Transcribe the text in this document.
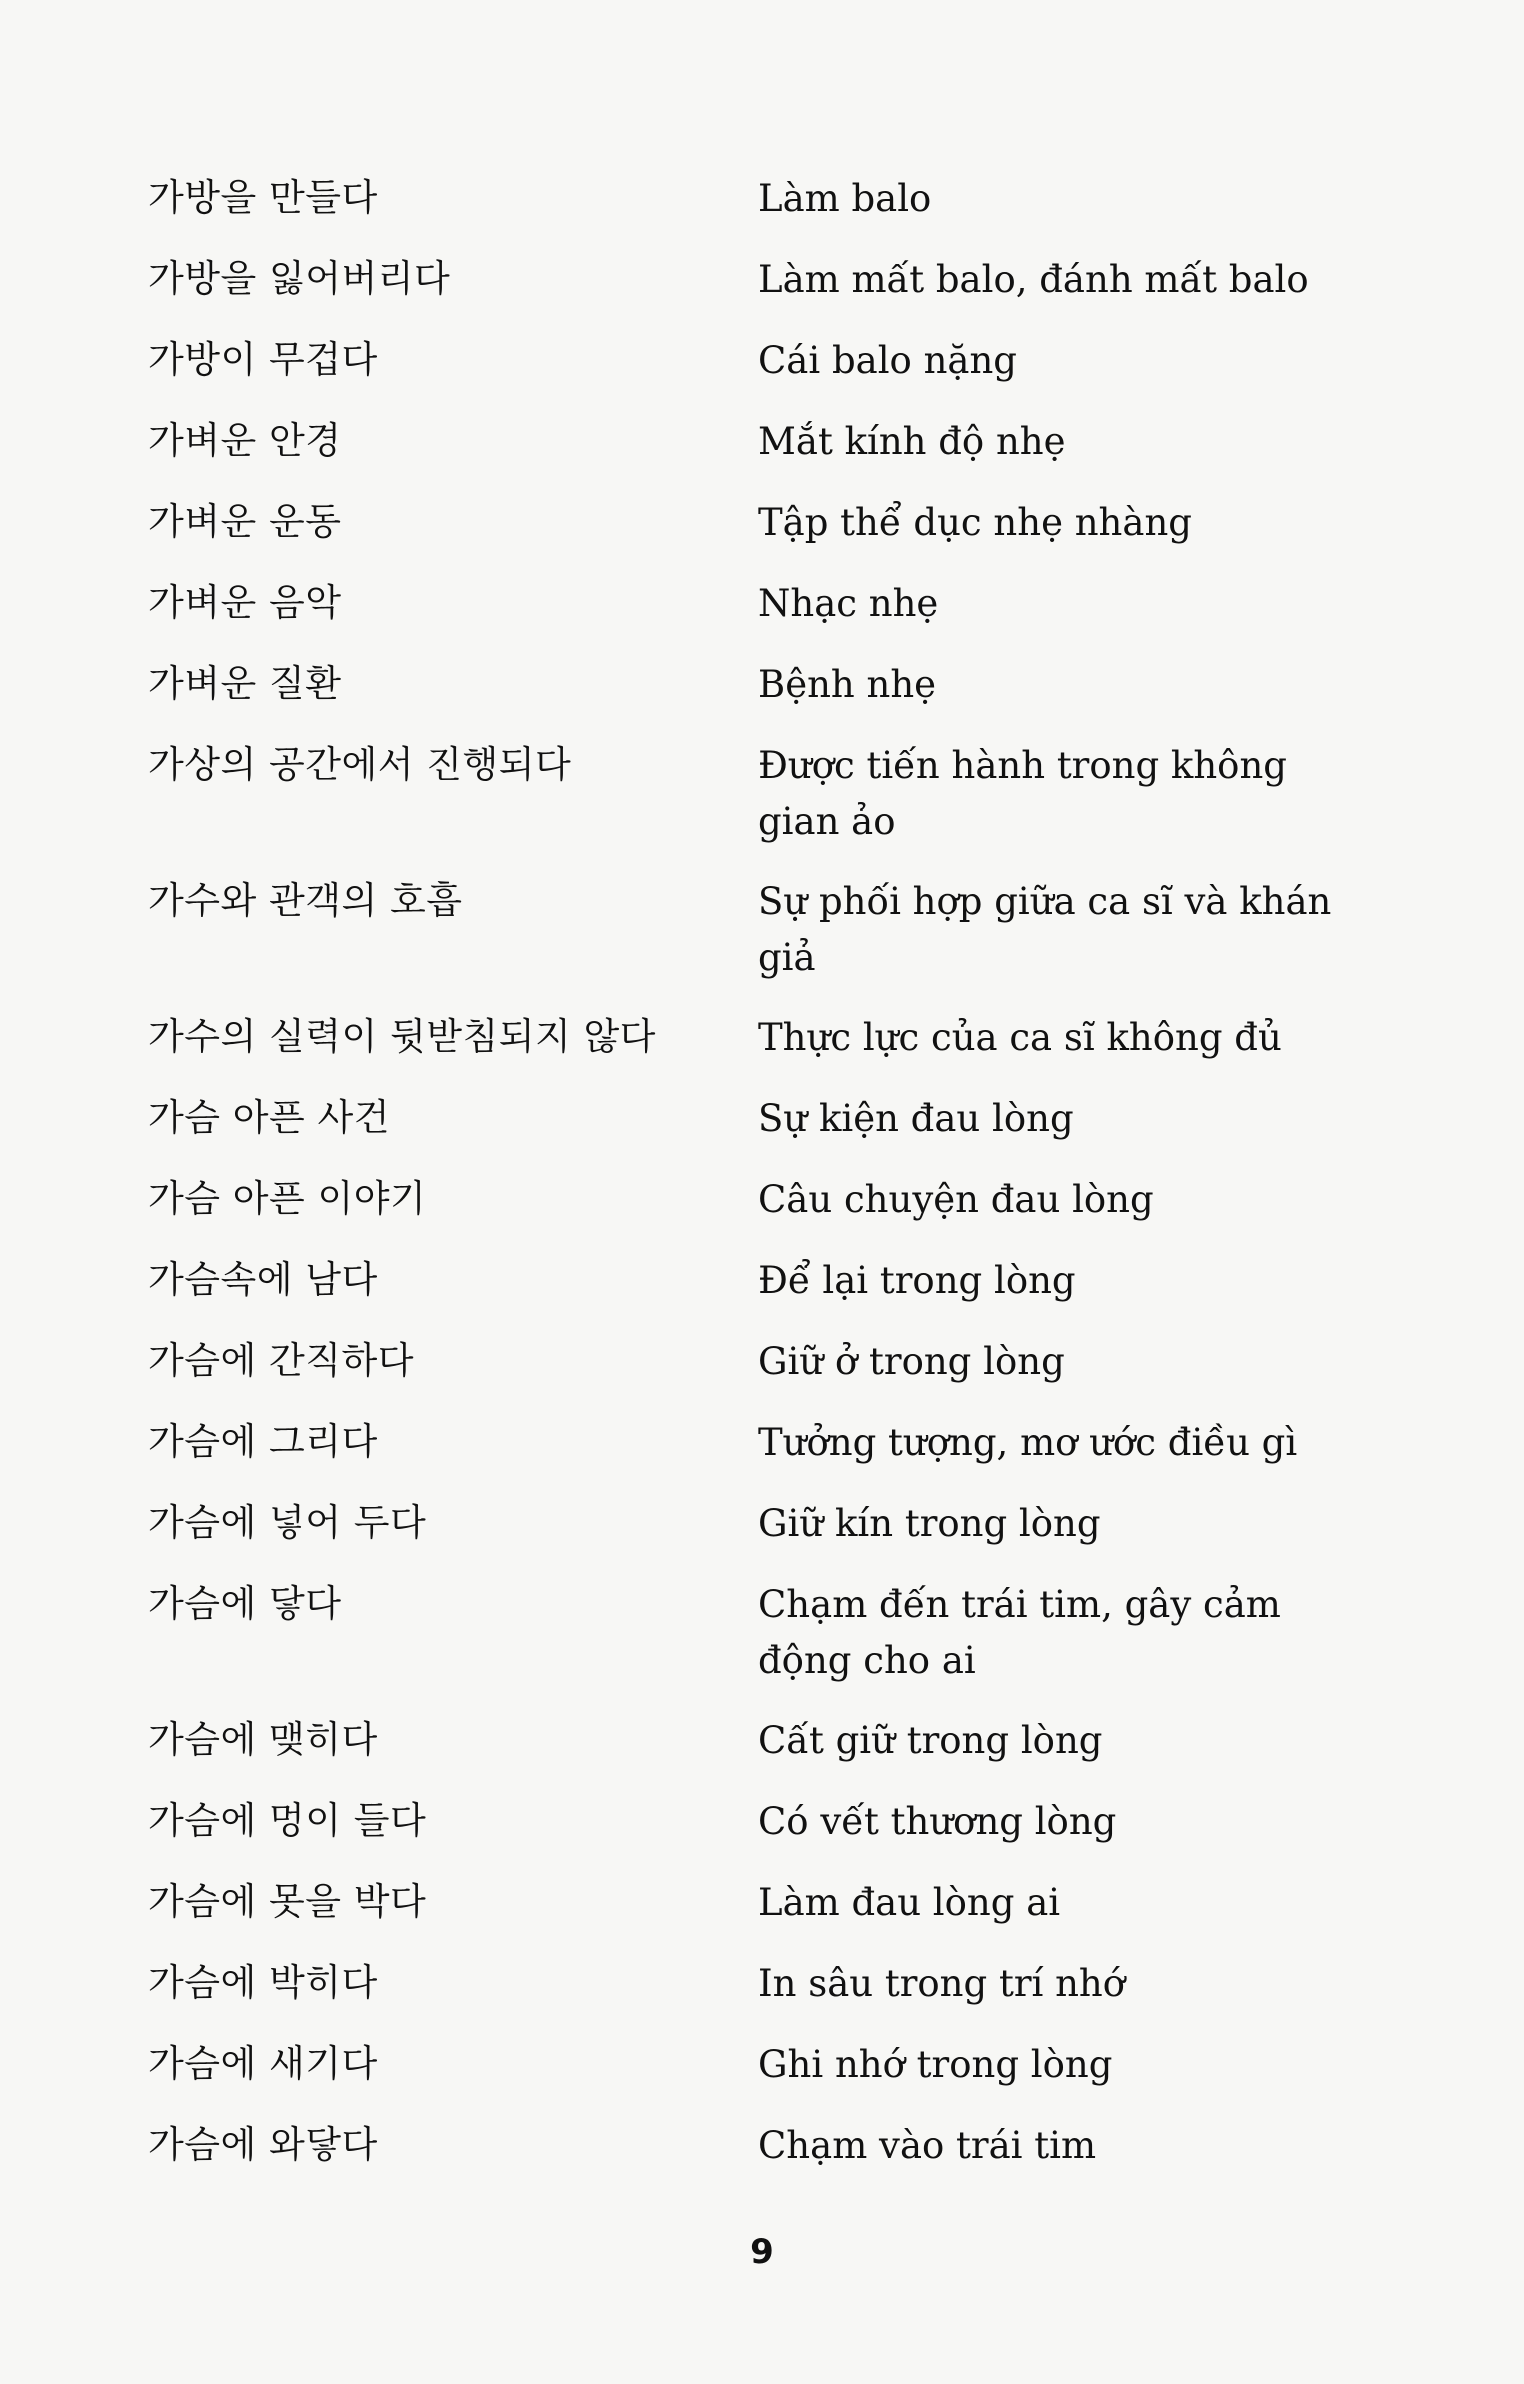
가방을 만들다	Làm balo
가방을 잃어버리다	Làm mất balo, đánh mất balo
가방이 무겁다	Cái balo nặng
가벼운 안경	Mắt kính độ nhẹ
가벼운 운동	Tập thể dục nhẹ nhàng
가벼운 음악	Nhạc nhẹ
가벼운 질환	Bệnh nhẹ
가상의 공간에서 진행되다	Được tiến hành trong không gian ảo
가수와 관객의 호흡	Sự phối hợp giữa ca sĩ và khán giả
가수의 실력이 뒷받침되지 않다	Thực lực của ca sĩ không đủ
가슴 아픈 사건	Sự kiện đau lòng
가슴 아픈 이야기	Câu chuyện đau lòng
가슴속에 남다	Để lại trong lòng
가슴에 간직하다	Giữ ở trong lòng
가슴에 그리다	Tưởng tượng, mơ ước điều gì
가슴에 넣어 두다	Giữ kín trong lòng
가슴에 닿다	Chạm đến trái tim, gây cảm động cho ai
가슴에 맺히다	Cất giữ trong lòng
가슴에 멍이 들다	Có vết thương lòng
가슴에 못을 박다	Làm đau lòng ai
가슴에 박히다	In sâu trong trí nhớ
가슴에 새기다	Ghi nhớ trong lòng
가슴에 와닿다	Chạm vào trái tim
9
